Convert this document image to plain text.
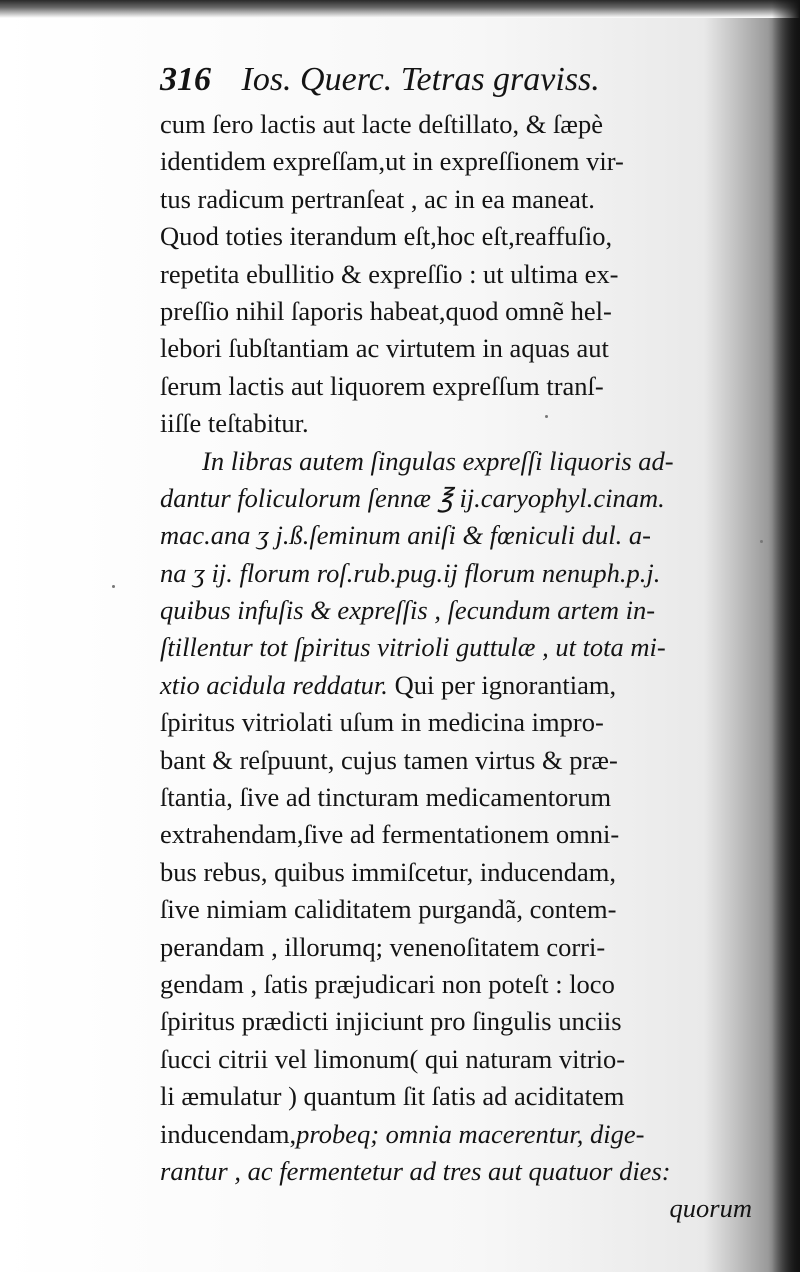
316 Ios. Querc. Tetras graviss.
cum ſero lactis aut lacte deſtillato, & ſæpè
identidem expreſſam,ut in expreſſionem vir-
tus radicum pertranſeat , ac in ea maneat.
Quod toties iterandum eſt,hoc eſt,reaffuſio,
repetita ebullitio & expreſſio : ut ultima ex-
preſſio nihil ſaporis habeat,quod omnẽ hel-
lebori ſubſtantiam ac virtutem in aquas aut
ſerum lactis aut liquorem expreſſum tranſ-
iiſſe teſtabitur.
In libras autem ſingulas expreſſi liquoris ad-
dantur foliculorum ſennæ ℥ ij.caryophyl.cinam.
mac.ana ʒ j.ß.ſeminum aniſi & fœniculi dul. a-
na ʒ ij. florum roſ.rub.pug.ij florum nenuph.p.j.
quibus infuſis & expreſſis , ſecundum artem in-
ſtillentur tot ſpiritus vitrioli guttulæ , ut tota mi-
xtio acidula reddatur. Qui per ignorantiam,
ſpiritus vitriolati uſum in medicina impro-
bant & reſpuunt, cujus tamen virtus & præ-
ſtantia, ſive ad tincturam medicamentorum
extrahendam,ſive ad fermentationem omni-
bus rebus, quibus immiſcetur, inducendam,
ſive nimiam caliditatem purgandã, contem-
perandam , illorumq; venenoſitatem corri-
gendam , ſatis præjudicari non poteſt : loco
ſpiritus prædicti injiciunt pro ſingulis unciis
ſucci citrii vel limonum( qui naturam vitrio-
li æmulatur ) quantum ſit ſatis ad aciditatem
inducendam,probeq; omnia macerentur, dige-
rantur , ac fermentetur ad tres aut quatuor dies:
quorum
